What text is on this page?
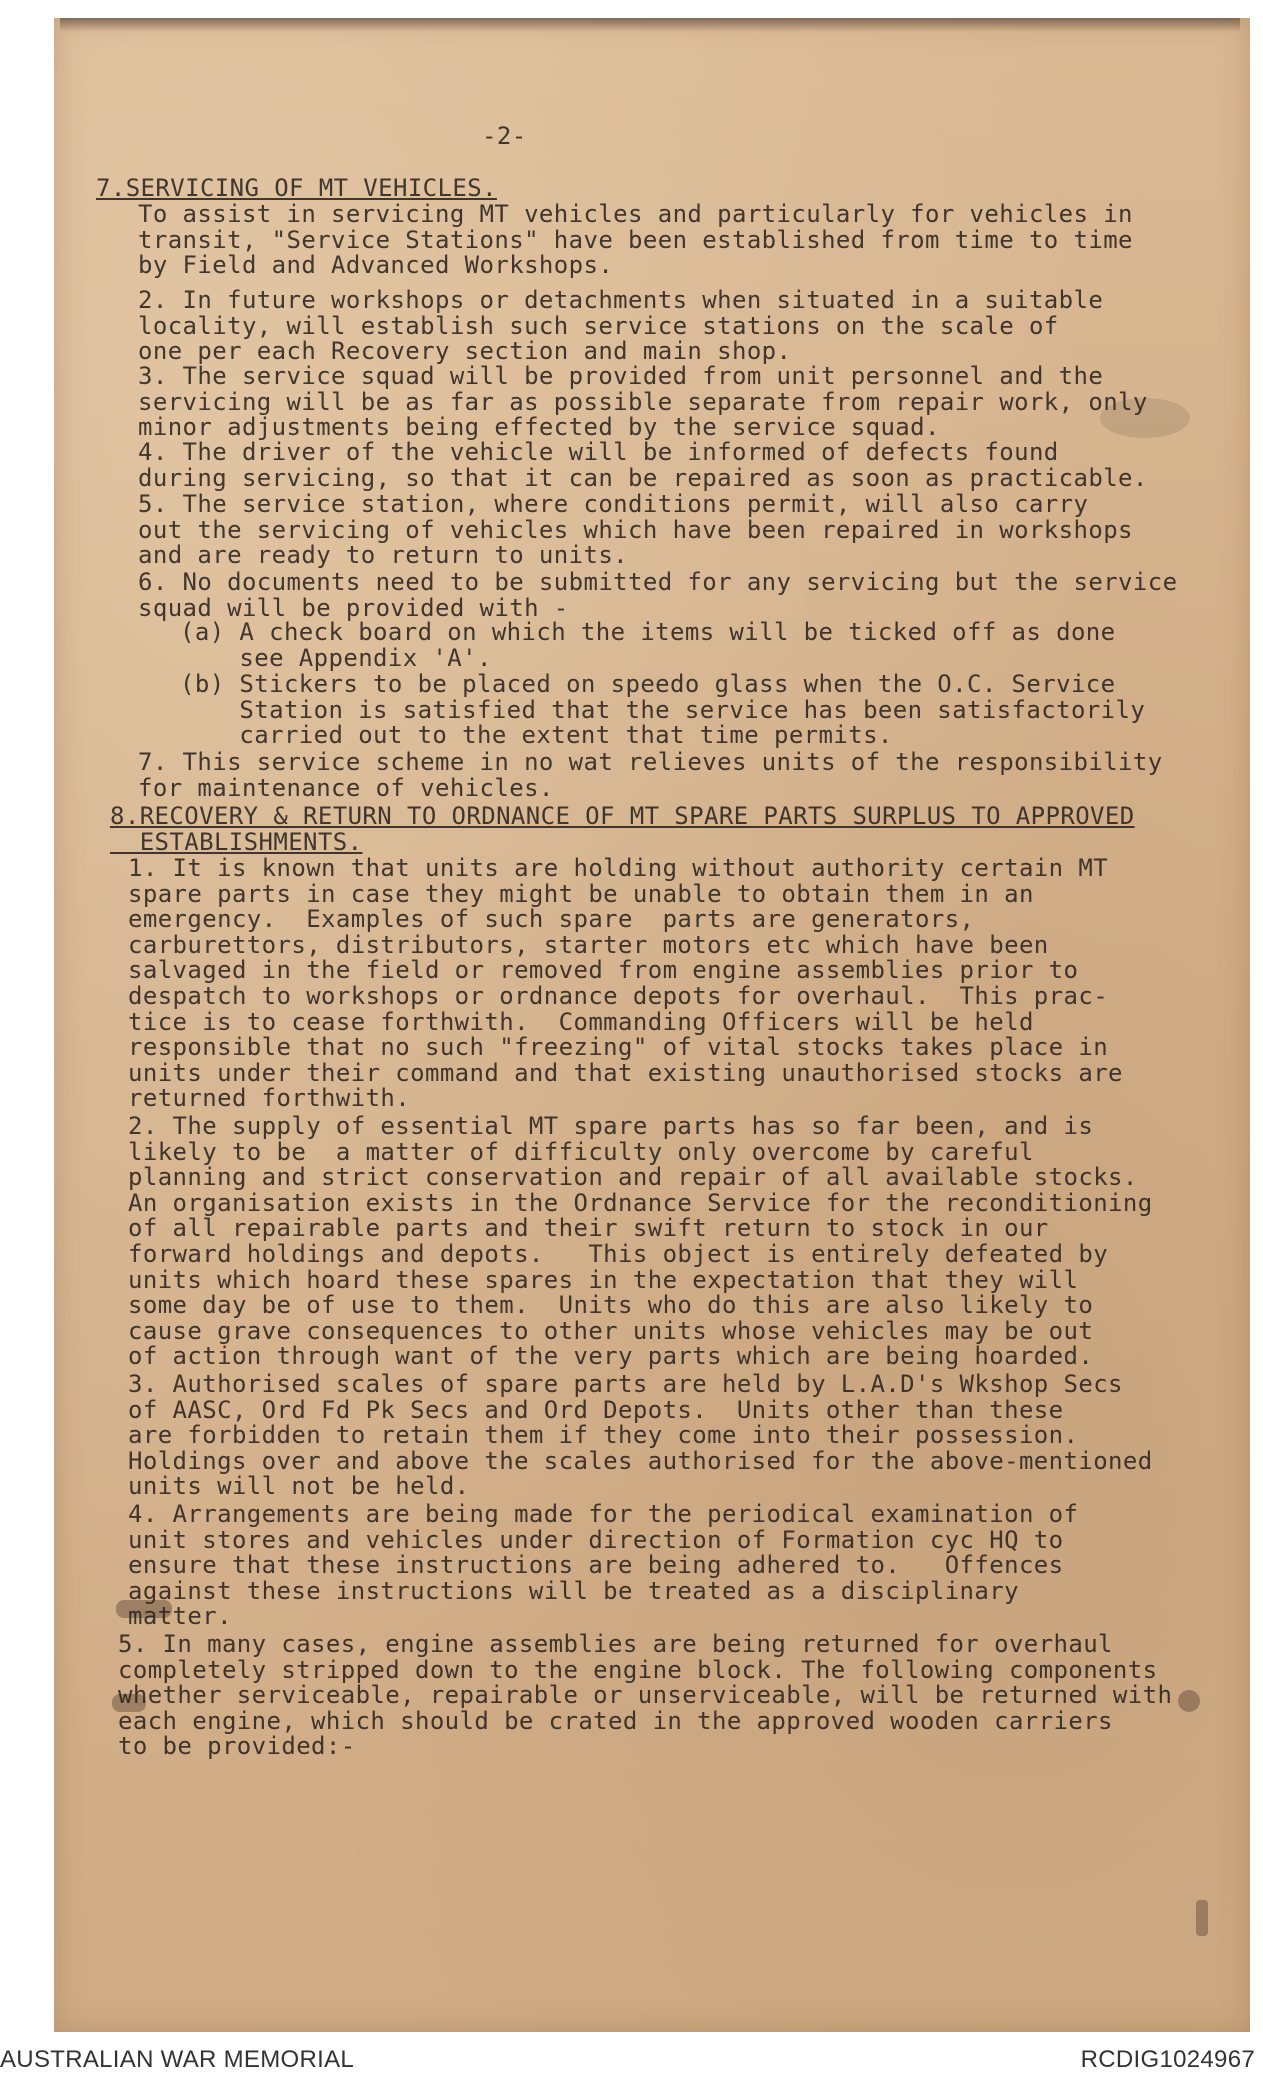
-2-
7.SERVICING OF MT VEHICLES.
To assist in servicing MT vehicles and particularly for vehicles in
transit, "Service Stations" have been established from time to time
by Field and Advanced Workshops.
2. In future workshops or detachments when situated in a suitable
locality, will establish such service stations on the scale of
one per each Recovery section and main shop.
3. The service squad will be provided from unit personnel and the
servicing will be as far as possible separate from repair work, only
minor adjustments being effected by the service squad.
4. The driver of the vehicle will be informed of defects found
during servicing, so that it can be repaired as soon as practicable.
5. The service station, where conditions permit, will also carry
out the servicing of vehicles which have been repaired in workshops
and are ready to return to units.
6. No documents need to be submitted for any servicing but the service
squad will be provided with -
(a) A check board on which the items will be ticked off as done
see Appendix 'A'.
(b) Stickers to be placed on speedo glass when the O.C. Service
Station is satisfied that the service has been satisfactorily
carried out to the extent that time permits.
7. This service scheme in no wat relieves units of the responsibility
for maintenance of vehicles.
8.RECOVERY & RETURN TO ORDNANCE OF MT SPARE PARTS SURPLUS TO APPROVED
ESTABLISHMENTS.
1. It is known that units are holding without authority certain MT
spare parts in case they might be unable to obtain them in an
emergency.  Examples of such spare  parts are generators,
carburettors, distributors, starter motors etc which have been
salvaged in the field or removed from engine assemblies prior to
despatch to workshops or ordnance depots for overhaul.  This prac-
tice is to cease forthwith.  Commanding Officers will be held
responsible that no such "freezing" of vital stocks takes place in
units under their command and that existing unauthorised stocks are
returned forthwith.
2. The supply of essential MT spare parts has so far been, and is
likely to be  a matter of difficulty only overcome by careful
planning and strict conservation and repair of all available stocks.
An organisation exists in the Ordnance Service for the reconditioning
of all repairable parts and their swift return to stock in our
forward holdings and depots.   This object is entirely defeated by
units which hoard these spares in the expectation that they will
some day be of use to them.  Units who do this are also likely to
cause grave consequences to other units whose vehicles may be out
of action through want of the very parts which are being hoarded.
3. Authorised scales of spare parts are held by L.A.D's Wkshop Secs
of AASC, Ord Fd Pk Secs and Ord Depots.  Units other than these
are forbidden to retain them if they come into their possession.
Holdings over and above the scales authorised for the above-mentioned
units will not be held.
4. Arrangements are being made for the periodical examination of
unit stores and vehicles under direction of Formation cyc HQ to
ensure that these instructions are being adhered to.   Offences
against these instructions will be treated as a disciplinary
matter.
5. In many cases, engine assemblies are being returned for overhaul
completely stripped down to the engine block. The following components
whether serviceable, repairable or unserviceable, will be returned with
each engine, which should be crated in the approved wooden carriers
to be provided:-
AUSTRALIAN WAR MEMORIAL	RCDIG1024967
